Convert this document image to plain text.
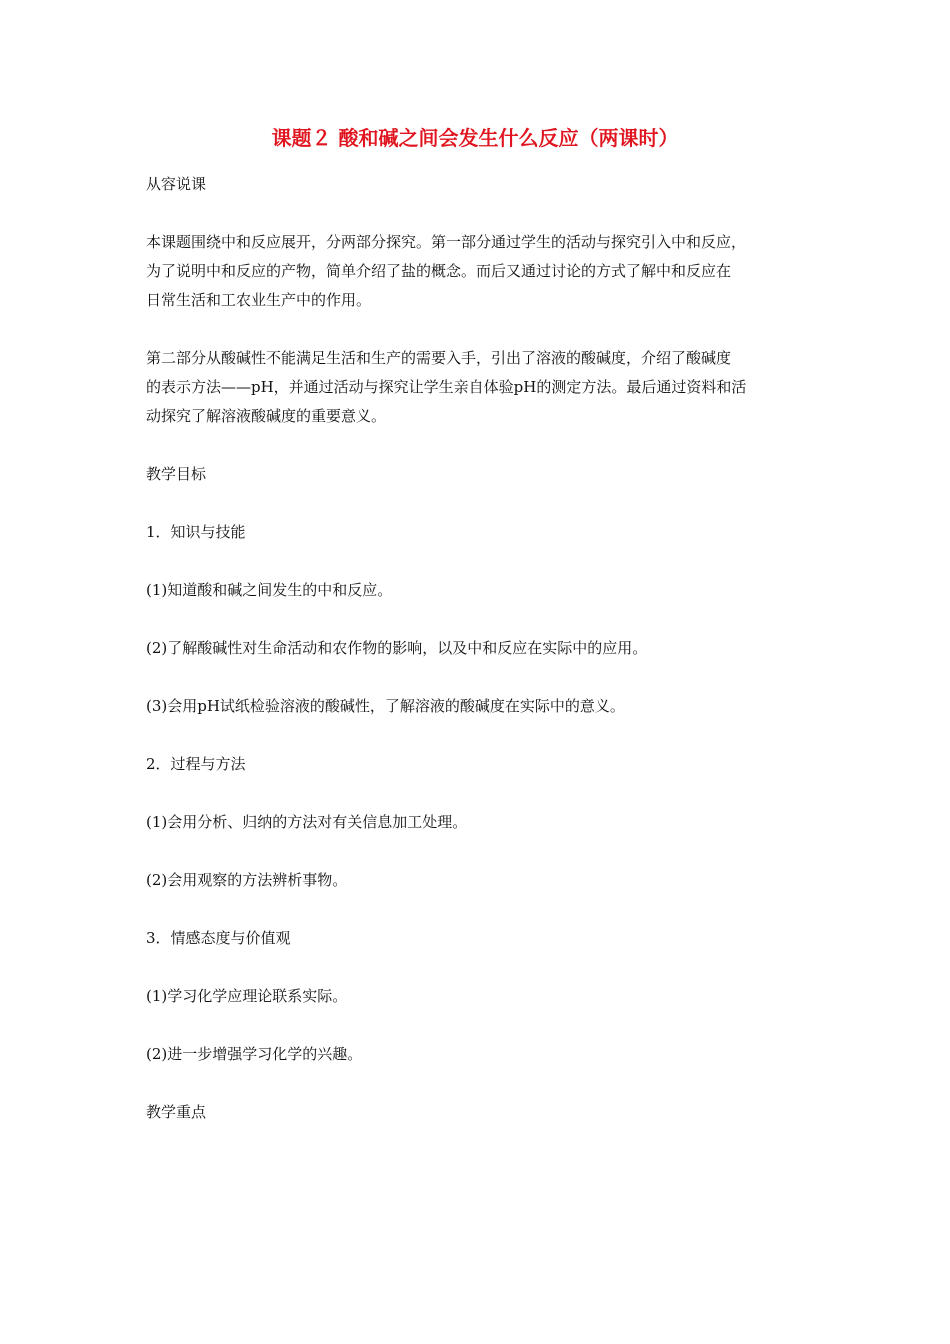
课题２ 酸和碱之间会发生什么反应（两课时）

从容说课

本课题围绕中和反应展开，分两部分探究。第一部分通过学生的活动与探究引入中和反应，

为了说明中和反应的产物，简单介绍了盐的概念。而后又通过讨论的方式了解中和反应在

日常生活和工农业生产中的作用。

第二部分从酸碱性不能满足生活和生产的需要入手，引出了溶液的酸碱度，介绍了酸碱度

的表示方法——pH，并通过活动与探究让学生亲自体验pH的测定方法。最后通过资料和活

动探究了解溶液酸碱度的重要意义。

教学目标

1．知识与技能

(1)知道酸和碱之间发生的中和反应。

(2)了解酸碱性对生命活动和农作物的影响，以及中和反应在实际中的应用。

(3)会用pH试纸检验溶液的酸碱性，了解溶液的酸碱度在实际中的意义。

2．过程与方法

(1)会用分析、归纳的方法对有关信息加工处理。

(2)会用观察的方法辨析事物。

3．情感态度与价值观

(1)学习化学应理论联系实际。

(2)进一步增强学习化学的兴趣。

教学重点
